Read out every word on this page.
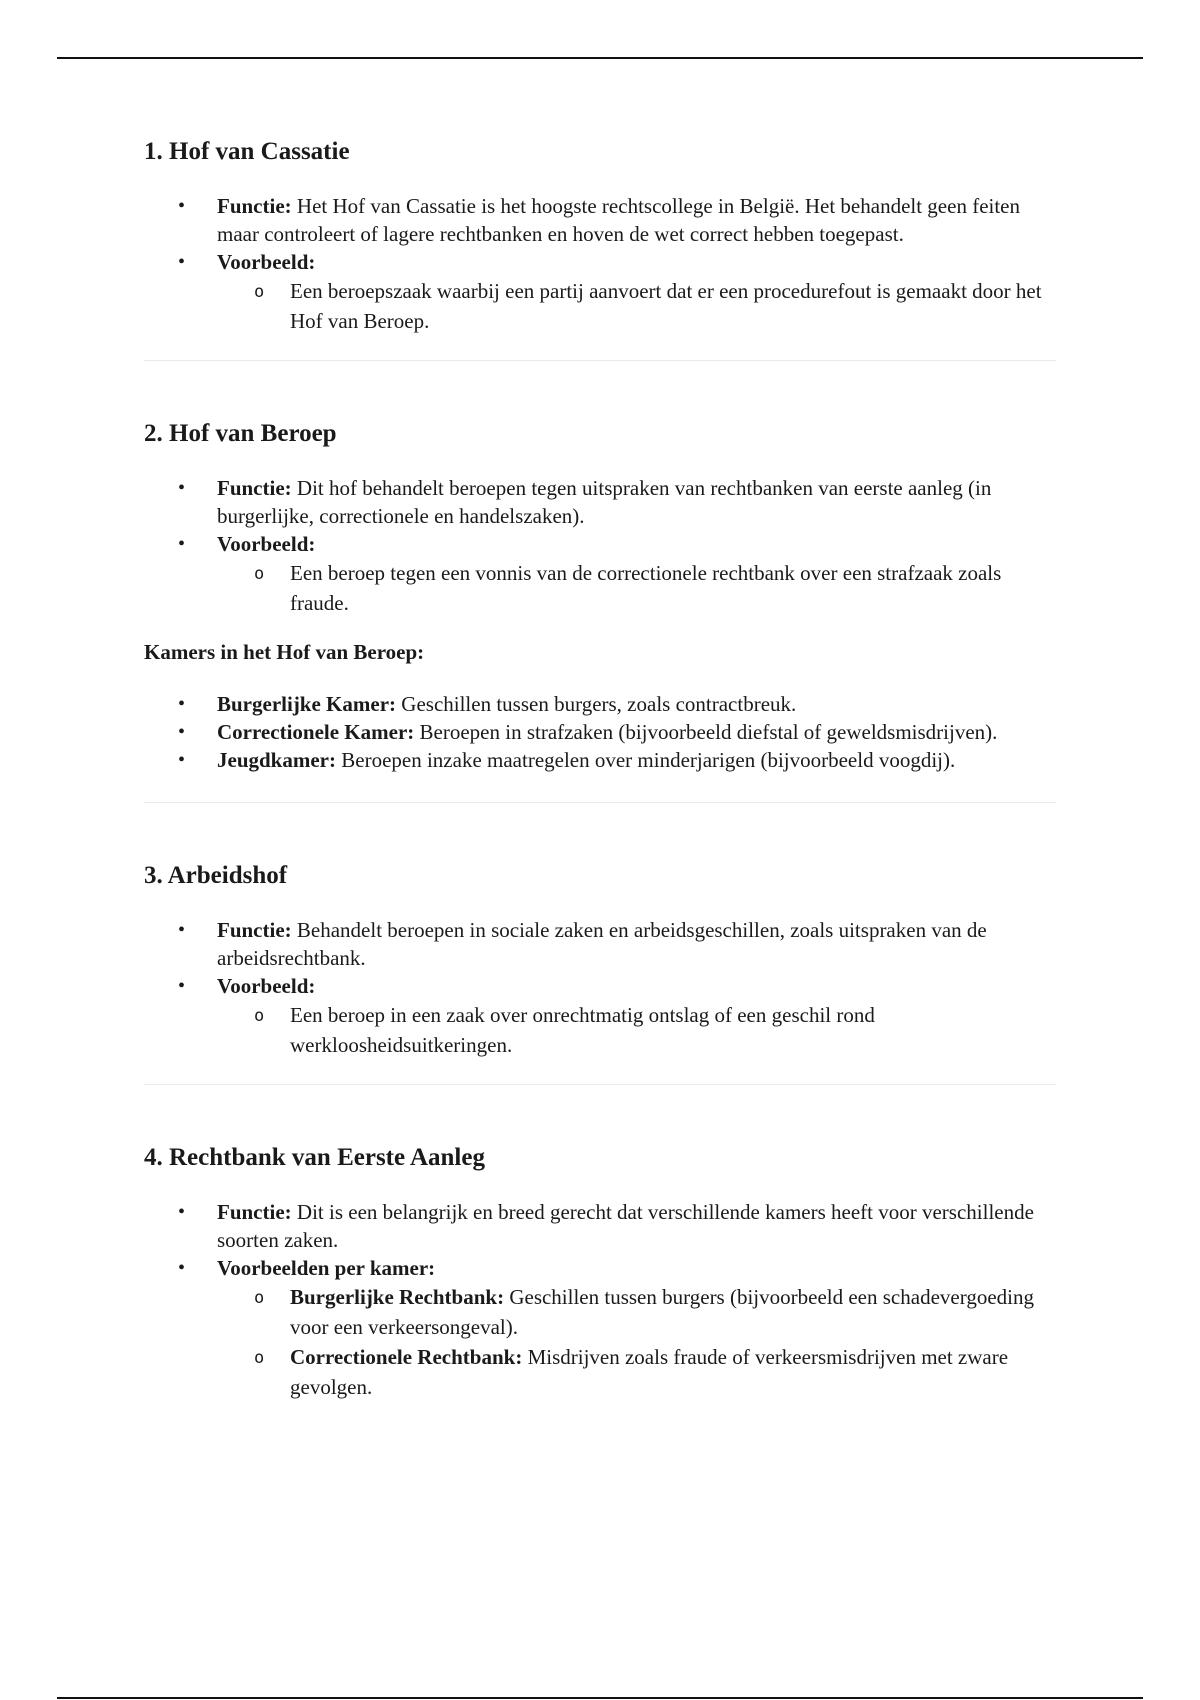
1. Hof van Cassatie
• Functie: Het Hof van Cassatie is het hoogste rechtscollege in België. Het behandelt geen feiten maar controleert of lagere rechtbanken en hoven de wet correct hebben toegepast.
• Voorbeeld:
o Een beroepszaak waarbij een partij aanvoert dat er een procedurefout is gemaakt door het Hof van Beroep.
2. Hof van Beroep
• Functie: Dit hof behandelt beroepen tegen uitspraken van rechtbanken van eerste aanleg (in burgerlijke, correctionele en handelszaken).
• Voorbeeld:
o Een beroep tegen een vonnis van de correctionele rechtbank over een strafzaak zoals fraude.
Kamers in het Hof van Beroep:
• Burgerlijke Kamer: Geschillen tussen burgers, zoals contractbreuk.
• Correctionele Kamer: Beroepen in strafzaken (bijvoorbeeld diefstal of geweldsmisdrijven).
• Jeugdkamer: Beroepen inzake maatregelen over minderjarigen (bijvoorbeeld voogdij).
3. Arbeidshof
• Functie: Behandelt beroepen in sociale zaken en arbeidsgeschillen, zoals uitspraken van de arbeidsrechtbank.
• Voorbeeld:
o Een beroep in een zaak over onrechtmatig ontslag of een geschil rond werkloosheidsuitkeringen.
4. Rechtbank van Eerste Aanleg
• Functie: Dit is een belangrijk en breed gerecht dat verschillende kamers heeft voor verschillende soorten zaken.
• Voorbeelden per kamer:
o Burgerlijke Rechtbank: Geschillen tussen burgers (bijvoorbeeld een schadevergoeding voor een verkeersongeval).
o Correctionele Rechtbank: Misdrijven zoals fraude of verkeersmisdrijven met zware gevolgen.
